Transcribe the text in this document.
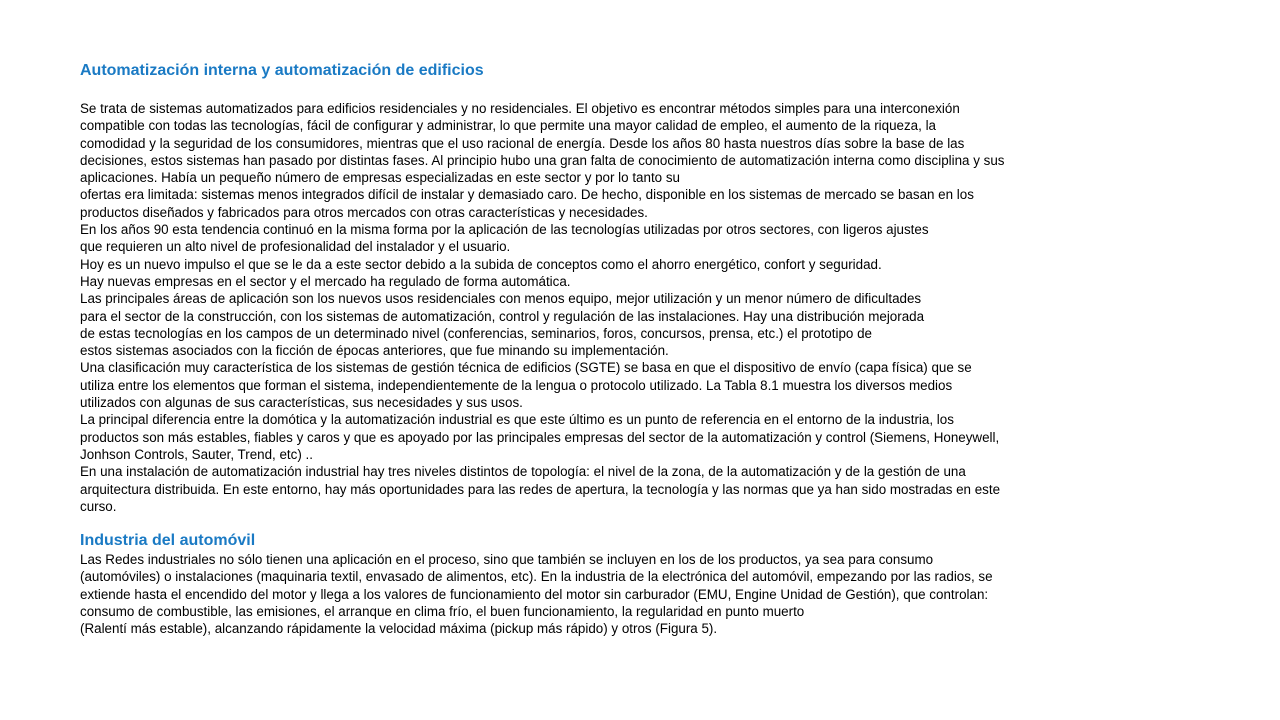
Automatización interna y automatización de edificios
Se trata de sistemas automatizados para edificios residenciales y no residenciales. El objetivo es encontrar métodos simples para una interconexión
compatible con todas las tecnologías, fácil de configurar y administrar, lo que permite una mayor calidad de empleo, el aumento de la riqueza, la
comodidad y la seguridad de los consumidores, mientras que el uso racional de energía. Desde los años 80 hasta nuestros días sobre la base de las
decisiones, estos sistemas han pasado por distintas fases. Al principio hubo una gran falta de conocimiento de automatización interna como disciplina y sus
aplicaciones. Había un pequeño número de empresas especializadas en este sector y por lo tanto su
ofertas era limitada: sistemas menos integrados difícil de instalar y demasiado caro. De hecho, disponible en los sistemas de mercado se basan en los
productos diseñados y fabricados para otros mercados con otras características y necesidades.
En los años 90 esta tendencia continuó en la misma forma por la aplicación de las tecnologías utilizadas por otros sectores, con ligeros ajustes
que requieren un alto nivel de profesionalidad del instalador y el usuario.
Hoy es un nuevo impulso el que se le da a este sector debido a la subida de conceptos como el ahorro energético, confort y seguridad.
Hay nuevas empresas en el sector y el mercado ha regulado de forma automática.
Las principales áreas de aplicación son los nuevos usos residenciales con menos equipo, mejor utilización y un menor número de dificultades
para el sector de la construcción, con los sistemas de automatización, control y regulación de las instalaciones. Hay una distribución mejorada
de estas tecnologías en los campos de un determinado nivel (conferencias, seminarios, foros, concursos, prensa, etc.) el prototipo de
estos sistemas asociados con la ficción de épocas anteriores, que fue minando su implementación.
Una clasificación muy característica de los sistemas de gestión técnica de edificios (SGTE) se basa en que el dispositivo de envío (capa física) que se
utiliza entre los elementos que forman el sistema, independientemente de la lengua o protocolo utilizado. La Tabla 8.1 muestra los diversos medios
utilizados con algunas de sus características, sus necesidades y sus usos.
La principal diferencia entre la domótica y la automatización industrial es que este último es un punto de referencia en el entorno de la industria, los
productos son más estables, fiables y caros y que es apoyado por las principales empresas del sector de la automatización y control (Siemens, Honeywell,
Jonhson Controls, Sauter, Trend, etc) ..
En una instalación de automatización industrial hay tres niveles distintos de topología: el nivel de la zona, de la automatización y de la gestión de una
arquitectura distribuida. En este entorno, hay más oportunidades para las redes de apertura, la tecnología y las normas que ya han sido mostradas en este
curso.
Industria del automóvil
Las Redes industriales no sólo tienen una aplicación en el proceso, sino que también se incluyen en los de los productos, ya sea para consumo
(automóviles) o instalaciones (maquinaria textil, envasado de alimentos, etc). En la industria de la electrónica del automóvil, empezando por las radios, se
extiende hasta el encendido del motor y llega a los valores de funcionamiento del motor sin carburador (EMU, Engine Unidad de Gestión), que controlan:
consumo de combustible, las emisiones, el arranque en clima frío, el buen funcionamiento, la regularidad en punto muerto
(Ralentí más estable), alcanzando rápidamente la velocidad máxima (pickup más rápido) y otros (Figura 5).
